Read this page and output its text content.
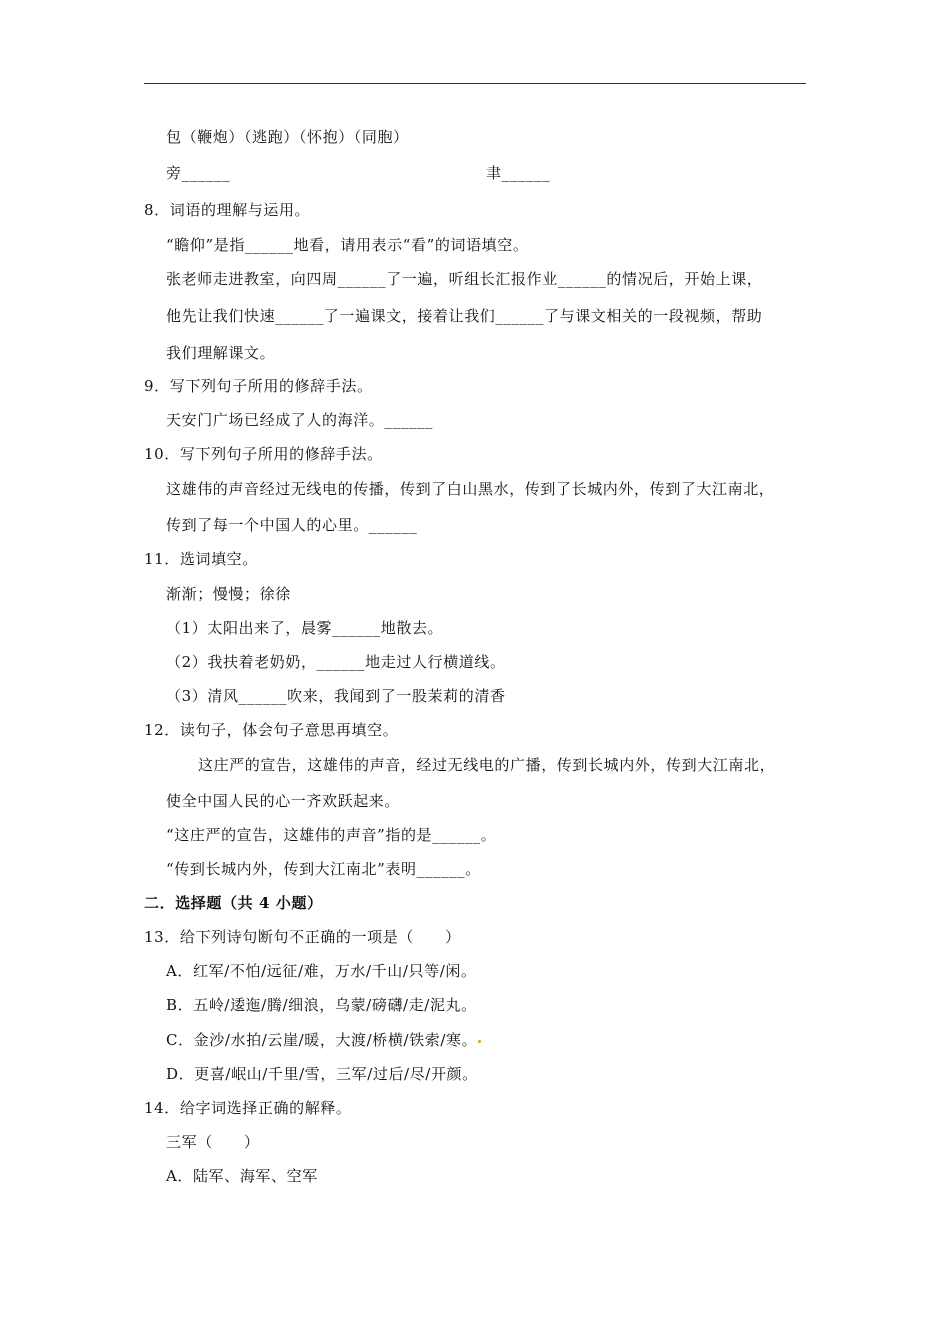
包（鞭炮）（逃跑）（怀抱）（同胞）
旁______	聿______
8．词语的理解与运用。
“瞻仰”是指______地看，请用表示“看”的词语填空。
张老师走进教室，向四周______了一遍，听组长汇报作业______的情况后，开始上课，
他先让我们快速______了一遍课文，接着让我们______了与课文相关的一段视频，帮助
我们理解课文。
9．写下列句子所用的修辞手法。
天安门广场已经成了人的海洋。______
10．写下列句子所用的修辞手法。
这雄伟的声音经过无线电的传播，传到了白山黑水，传到了长城内外，传到了大江南北，
传到了每一个中国人的心里。______
11．选词填空。
渐渐；慢慢；徐徐
（1）太阳出来了，晨雾______地散去。
（2）我扶着老奶奶，______地走过人行横道线。
（3）清风______吹来，我闻到了一股茉莉的清香
12．读句子，体会句子意思再填空。
这庄严的宣告，这雄伟的声音，经过无线电的广播，传到长城内外，传到大江南北，
使全中国人民的心一齐欢跃起来。
“这庄严的宣告，这雄伟的声音”指的是______。
“传到长城内外，传到大江南北”表明______。
二．选择题（共 4 小题）
13．给下列诗句断句不正确的一项是（　　）
A．红军/不怕/远征/难，万水/千山/只等/闲。
B．五岭/逶迤/腾/细浪，乌蒙/磅礴/走/泥丸。
C．金沙/水拍/云崖/暖，大渡/桥横/铁索/寒。
D．更喜/岷山/千里/雪，三军/过后/尽/开颜。
14．给字词选择正确的解释。
三军（　　）
A．陆军、海军、空军
